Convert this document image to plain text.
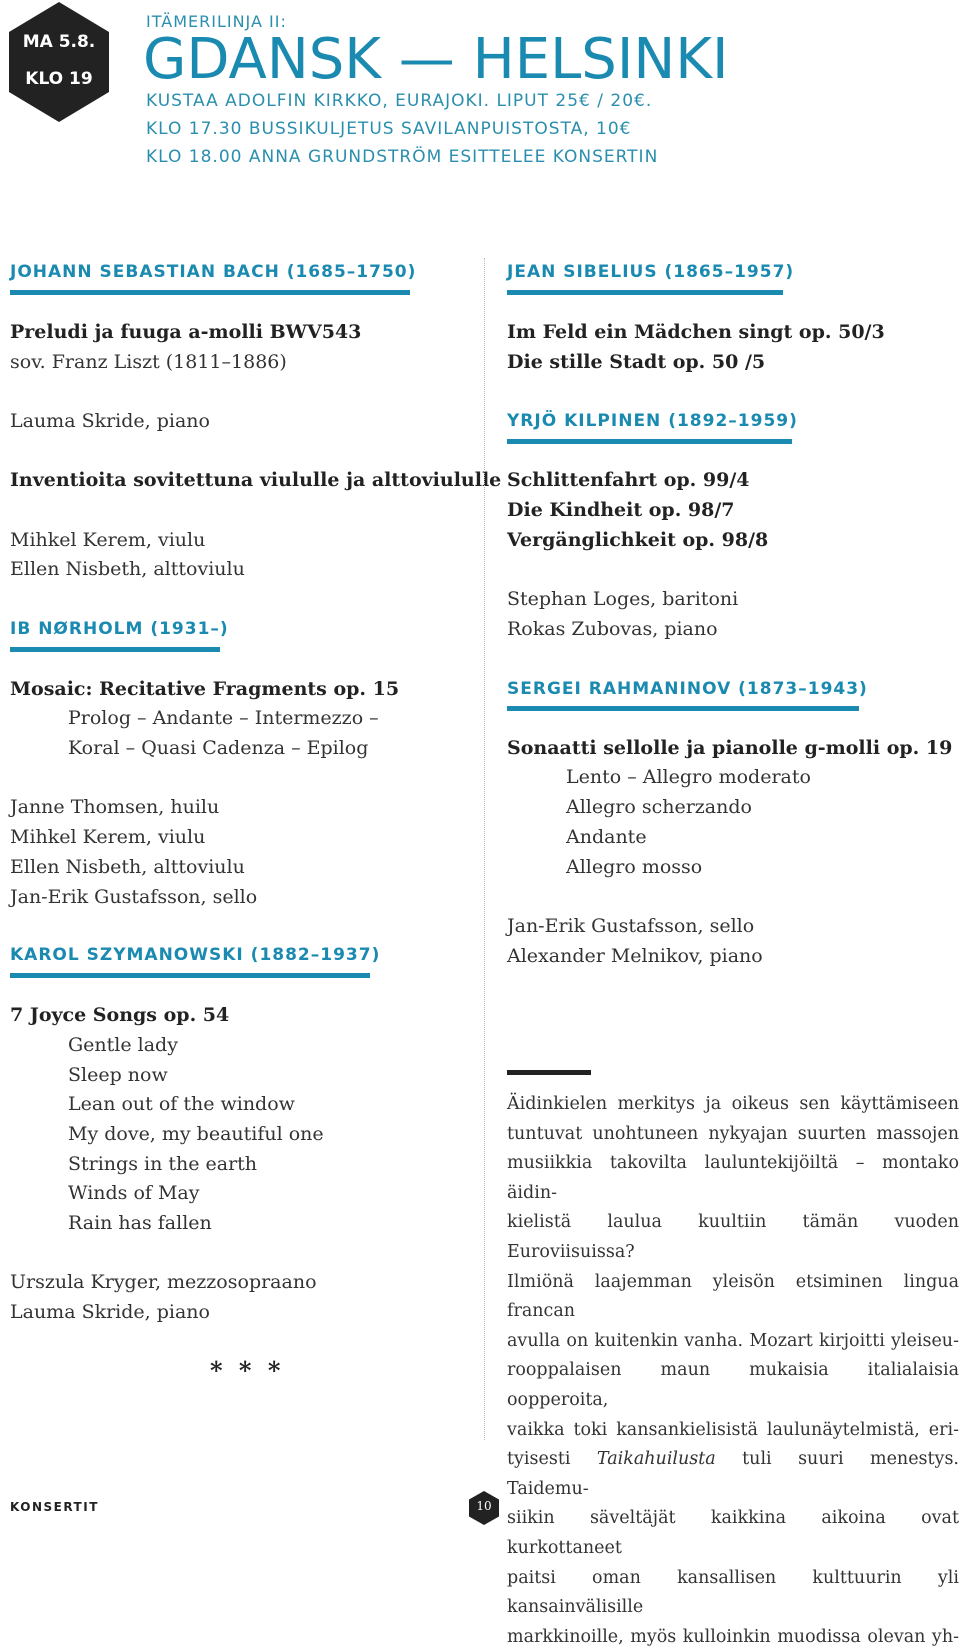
MA 5.8.
KLO 19
ITÄMERILINJA II:
GDANSK — HELSINKI
KUSTAA ADOLFIN KIRKKO, EURAJOKI. LIPUT 25€ / 20€.
KLO 17.30 BUSSIKULJETUS SAVILANPUISTOSTA, 10€
KLO 18.00 ANNA GRUNDSTRÖM ESITTELEE KONSERTIN
JOHANN SEBASTIAN BACH (1685–1750)
Preludi ja fuuga a-molli BWV543
sov. Franz Liszt (1811–1886)
Lauma Skride, piano
Inventioita sovitettuna viululle ja alttoviululle
Mihkel Kerem, viulu
Ellen Nisbeth, alttoviulu
IB NØRHOLM (1931–)
Mosaic: Recitative Fragments op. 15
Prolog – Andante – Intermezzo –
Koral – Quasi Cadenza – Epilog
Janne Thomsen, huilu
Mihkel Kerem, viulu
Ellen Nisbeth, alttoviulu
Jan-Erik Gustafsson, sello
KAROL SZYMANOWSKI (1882–1937)
7 Joyce Songs op. 54
Gentle lady
Sleep now
Lean out of the window
My dove, my beautiful one
Strings in the earth
Winds of May
Rain has fallen
Urszula Kryger, mezzosopraano
Lauma Skride, piano
* * *
JEAN SIBELIUS (1865–1957)
Im Feld ein Mädchen singt op. 50/3
Die stille Stadt op. 50 /5
YRJÖ KILPINEN (1892–1959)
Schlittenfahrt op. 99/4
Die Kindheit op. 98/7
Vergänglichkeit op. 98/8
Stephan Loges, baritoni
Rokas Zubovas, piano
SERGEI RAHMANINOV (1873–1943)
Sonaatti sellolle ja pianolle g-molli op. 19
Lento – Allegro moderato
Allegro scherzando
Andante
Allegro mosso
Jan-Erik Gustafsson, sello
Alexander Melnikov, piano
Äidinkielen merkitys ja oikeus sen käyttämiseen
tuntuvat unohtuneen nykyajan suurten massojen
musiikkia takovilta lauluntekijöiltä – montako äidin-
kielistä laulua kuultiin tämän vuoden Euroviisuissa?
Ilmiönä laajemman yleisön etsiminen lingua francan
avulla on kuitenkin vanha. Mozart kirjoitti yleiseu-
rooppalaisen maun mukaisia italialaisia oopperoita,
vaikka toki kansankielisistä laulunäytelmistä, eri-
tyisesti Taikahuilusta tuli suuri menestys. Taidemu-
siikin säveltäjät kaikkina aikoina ovat kurkottaneet
paitsi oman kansallisen kulttuurin yli kansainvälisille
markkinoille, myös kulloinkin muodissa olevan yh-
KONSERTIT	10
